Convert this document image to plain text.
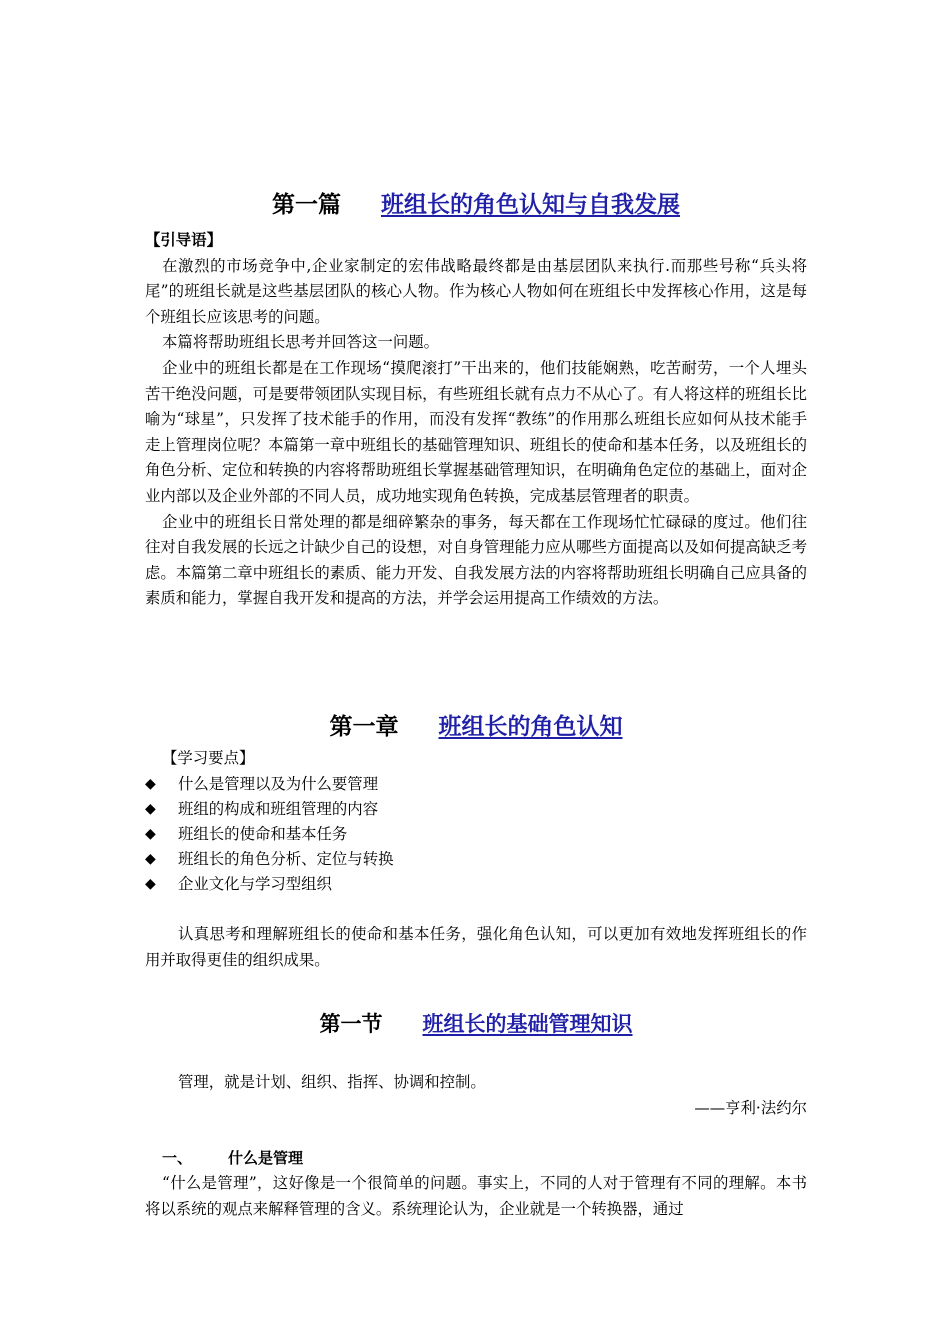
第一篇 班组长的角色认知与自我发展

【引导语】

在激烈的市场竞争中,企业家制定的宏伟战略最终都是由基层团队来执行.而那些号称“兵头将尾”的班组长就是这些基层团队的核心人物。作为核心人物如何在班组长中发挥核心作用，这是每个班组长应该思考的问题。

本篇将帮助班组长思考并回答这一问题。

企业中的班组长都是在工作现场“摸爬滚打”干出来的，他们技能娴熟，吃苦耐劳，一个人埋头苦干绝没问题，可是要带领团队实现目标，有些班组长就有点力不从心了。有人将这样的班组长比喻为“球星”，只发挥了技术能手的作用，而没有发挥“教练”的作用那么班组长应如何从技术能手走上管理岗位呢？本篇第一章中班组长的基础管理知识、班组长的使命和基本任务，以及班组长的角色分析、定位和转换的内容将帮助班组长掌握基础管理知识，在明确角色定位的基础上，面对企业内部以及企业外部的不同人员，成功地实现角色转换，完成基层管理者的职责。

企业中的班组长日常处理的都是细碎繁杂的事务，每天都在工作现场忙忙碌碌的度过。他们往往对自我发展的长远之计缺少自己的设想，对自身管理能力应从哪些方面提高以及如何提高缺乏考虑。本篇第二章中班组长的素质、能力开发、自我发展方法的内容将帮助班组长明确自己应具备的素质和能力，掌握自我开发和提高的方法，并学会运用提高工作绩效的方法。

第一章 班组长的角色认知

【学习要点】

◆ 什么是管理以及为什么要管理
◆ 班组的构成和班组管理的内容
◆ 班组长的使命和基本任务
◆ 班组长的角色分析、定位与转换
◆ 企业文化与学习型组织

认真思考和理解班组长的使命和基本任务，强化角色认知，可以更加有效地发挥班组长的作用并取得更佳的组织成果。

第一节 班组长的基础管理知识

管理，就是计划、组织、指挥、协调和控制。

——亨利·法约尔

一、 什么是管理

“什么是管理”，这好像是一个很简单的问题。事实上，不同的人对于管理有不同的理解。本书将以系统的观点来解释管理的含义。系统理论认为，企业就是一个转换器，通过
